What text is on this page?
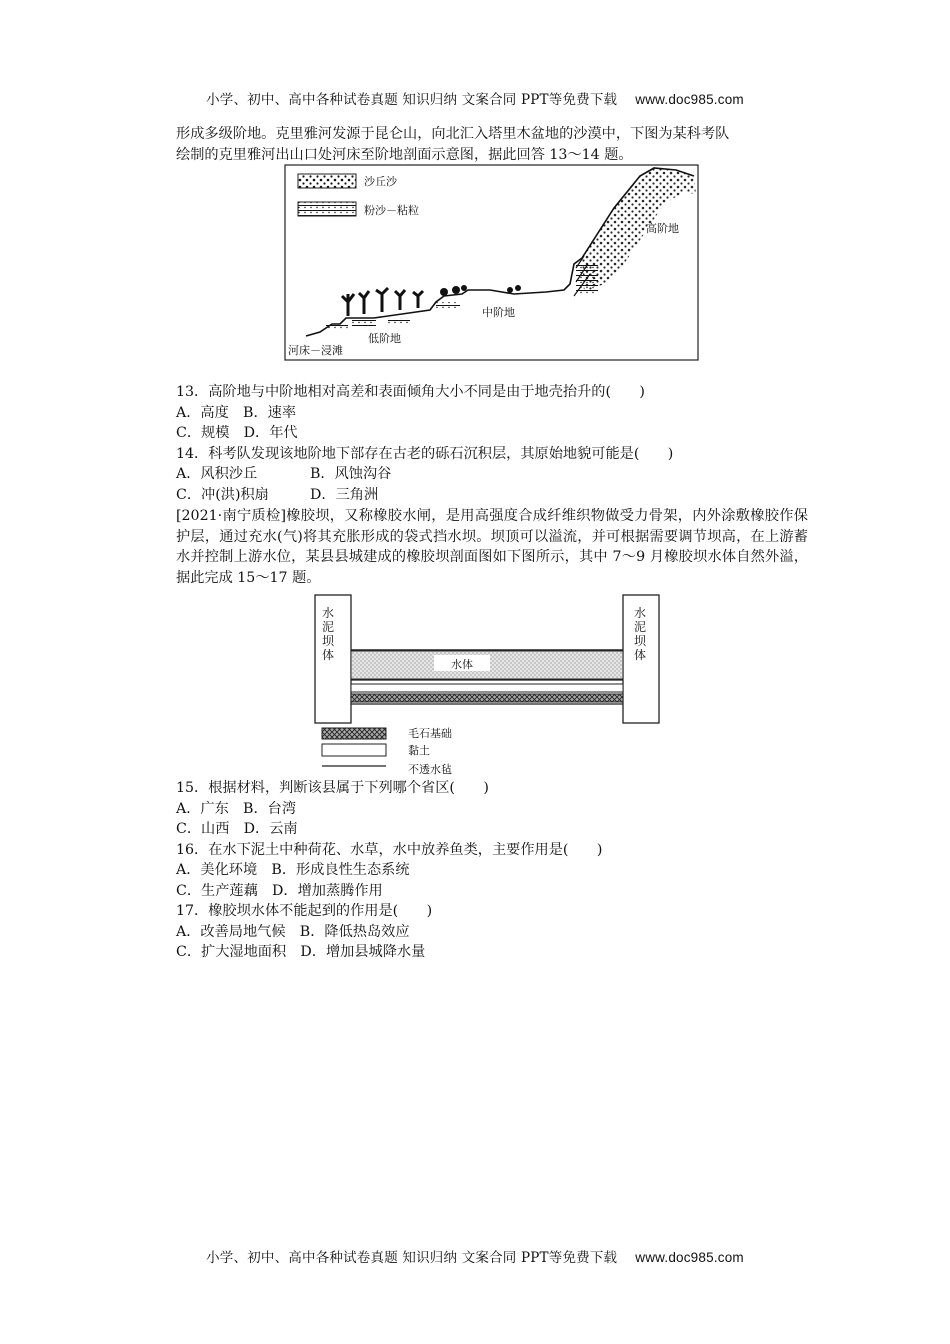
小学、初中、高中各种试卷真题 知识归纳 文案合同 PPT等免费下载 www.doc985.com

形成多级阶地。克里雅河发源于昆仑山，向北汇入塔里木盆地的沙漠中，下图为某科考队

绘制的克里雅河出山口处河床至阶地剖面示意图，据此回答 13～14 题。

沙丘沙
粉沙－粘粒
高阶地
中阶地
低阶地
河床－浸滩

13．高阶地与中阶地相对高差和表面倾角大小不同是由于地壳抬升的(　　)

A．高度　 B．速率

C．规模　 D．年代

14．科考队发现该地阶地下部存在古老的砾石沉积层，其原始地貌可能是(　　)

A．风积沙丘	B．风蚀沟谷

C．冲(洪)积扇	D．三角洲

[2021·南宁质检]橡胶坝，又称橡胶水闸，是用高强度合成纤维织物做受力骨架，内外涂敷橡胶作保护层，通过充水(气)将其充胀形成的袋式挡水坝。坝顶可以溢流，并可根据需要调节坝高，在上游蓄水并控制上游水位，某县县城建成的橡胶坝剖面图如下图所示，其中 7～9 月橡胶坝水体自然外溢，据此完成 15～17 题。

水体
毛石基础
黏土
不透水毡
水泥坝体
水泥坝体

15．根据材料，判断该县属于下列哪个省区(　　)

A．广东　 B．台湾

C．山西　 D．云南

16．在水下泥土中种荷花、水草，水中放养鱼类，主要作用是(　　)

A．美化环境　 B．形成良性生态系统

C．生产莲藕　 D．增加蒸腾作用

17．橡胶坝水体不能起到的作用是(　　)

A．改善局地气候　 B．降低热岛效应

C．扩大湿地面积　 D．增加县城降水量

小学、初中、高中各种试卷真题 知识归纳 文案合同 PPT等免费下载 www.doc985.com
